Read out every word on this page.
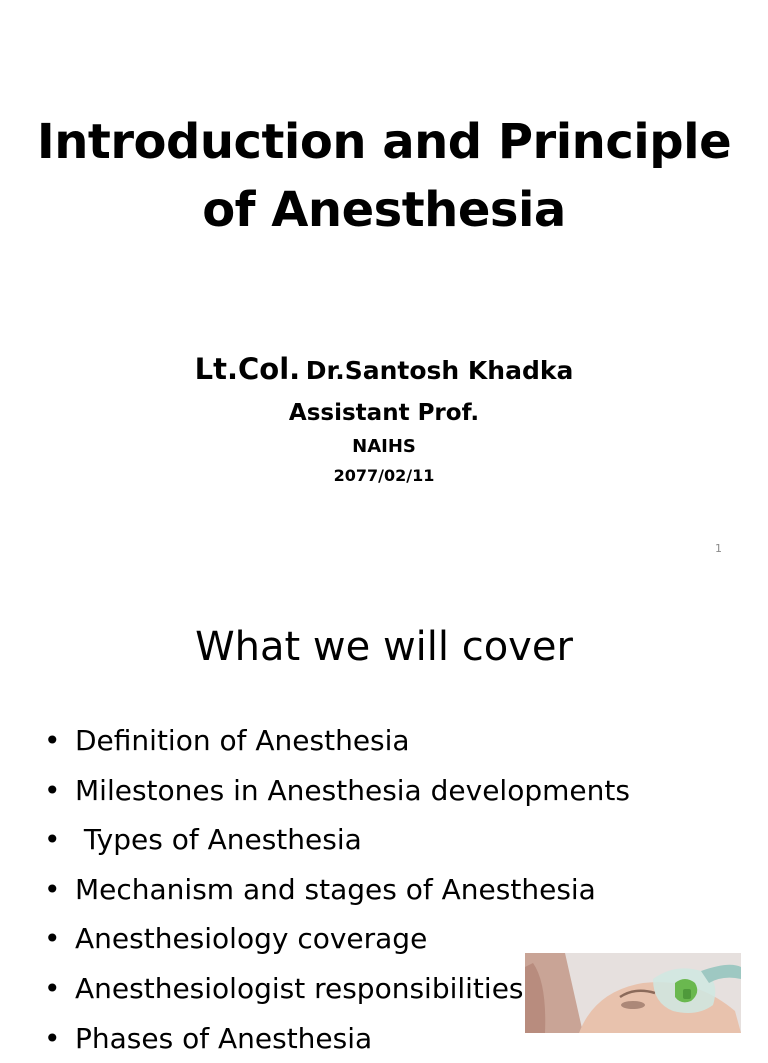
Introduction and Principle
of Anesthesia
Lt.Col. Dr.Santosh Khadka
Assistant Prof.
NAIHS
2077/02/11
1
What we will cover
• Definition of Anesthesia
• Milestones in Anesthesia developments
•  Types of Anesthesia
• Mechanism and stages of Anesthesia
• Anesthesiology coverage
• Anesthesiologist responsibilities
• Phases of Anesthesia
